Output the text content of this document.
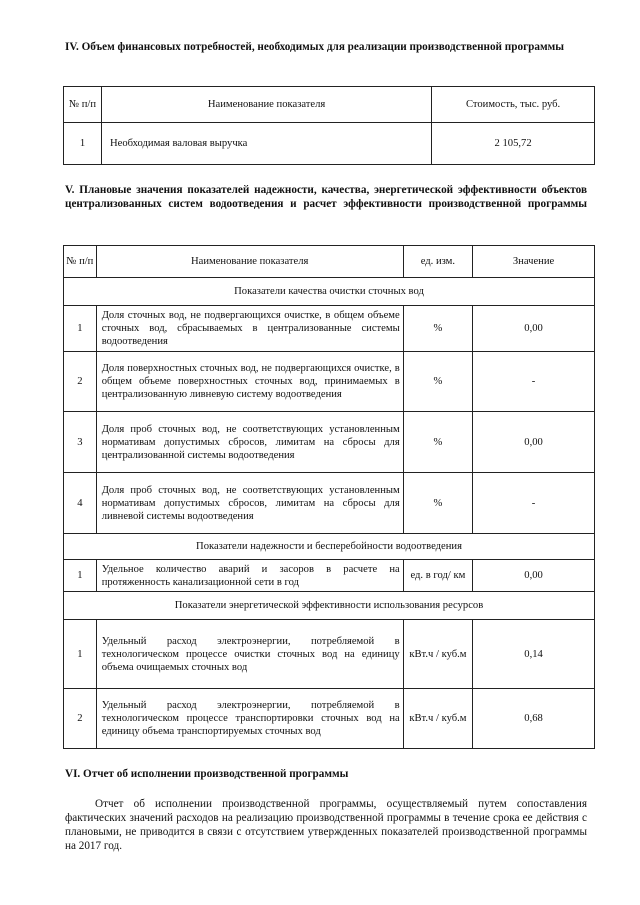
IV. Объем финансовых потребностей, необходимых для реализации производственной программы
№ п/п	Наименование показателя	Стоимость, тыс. руб.
1	Необходимая валовая выручка	2 105,72
V. Плановые значения показателей надежности, качества, энергетической эффективности объектов централизованных систем водоотведения и расчет эффективности производственной программы
№ п/п	Наименование показателя	ед. изм.	Значение
Показатели качества очистки сточных вод			
1	Доля сточных вод, не подвергающихся очистке, в общем объеме сточных вод, сбрасываемых в централизованные системы водоотведения	%	0,00
2	Доля поверхностных сточных вод, не подвергающихся очистке, в общем объеме поверхностных сточных вод, принимаемых в централизованную ливневую систему водоотведения	%	-
3	Доля проб сточных вод, не соответствующих установленным нормативам допустимых сбросов, лимитам на сбросы для централизованной системы водоотведения	%	0,00
4	Доля проб сточных вод, не соответствующих установленным нормативам допустимых сбросов, лимитам на сбросы для ливневой системы водоотведения	%	-
Показатели надежности и бесперебойности водоотведения			
1	Удельное количество аварий и засоров в расчете на протяженность канализационной сети в год	ед. в год/ км	0,00
Показатели энергетической эффективности использования ресурсов			
1	Удельный расход электроэнергии, потребляемой в технологическом процессе очистки сточных вод на единицу объема очищаемых сточных вод	кВт.ч / куб.м	0,14
2	Удельный расход электроэнергии, потребляемой в технологическом процессе транспортировки сточных вод на единицу объема транспортируемых сточных вод	кВт.ч / куб.м	0,68
VI. Отчет об исполнении производственной программы
Отчет об исполнении производственной программы, осуществляемый путем сопоставления фактических значений расходов на реализацию производственной программы в течение срока ее действия с плановыми, не приводится в связи с отсутствием утвержденных показателей производственной программы на 2017 год.
